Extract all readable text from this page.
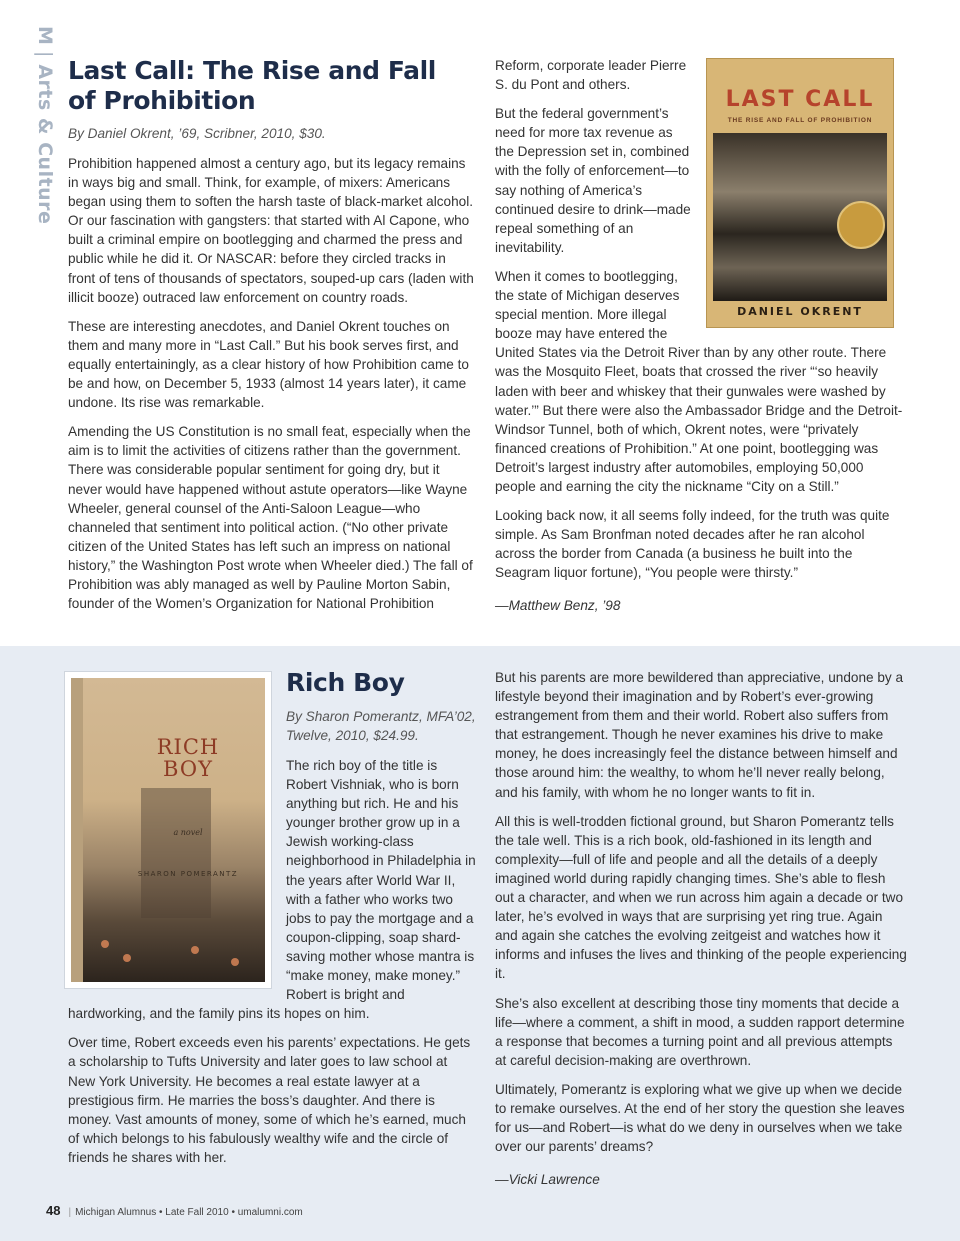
M|Arts & Culture Last Call: The Rise and Fall of Prohibition
By Daniel Okrent, ’69, Scribner, 2010, $30.

Prohibition happened almost a century ago, but its legacy remains in ways big and small. Think, for example, of mixers: Americans began using them to soften the harsh taste of black-market alcohol. Or our fascination with gangsters: that started with Al Capone, who built a criminal empire on bootlegging and charmed the press and public while he did it. Or NASCAR: before they circled tracks in front of tens of thousands of spectators, souped-up cars (laden with illicit booze) outraced law enforcement on country roads.

These are interesting anecdotes, and Daniel Okrent touches on them and many more in “Last Call.” But his book serves first, and equally entertainingly, as a clear history of how Prohibition came to be and how, on December 5, 1933 (almost 14 years later), it came undone. Its rise was remarkable.

Amending the US Constitution is no small feat, especially when the aim is to limit the activities of citizens rather than the government. There was considerable popular sentiment for going dry, but it never would have happened without astute operators—like Wayne Wheeler, general counsel of the Anti-Saloon League—who channeled that sentiment into political action. (“No other private citizen of the United States has left such an impress on national history,” the Washington Post wrote when Wheeler died.) The fall of Prohibition was ably managed as well by Pauline Morton Sabin, founder of the Women’s Organization for National Prohibition

Reform, corporate leader Pierre S. du Pont and others.

But the federal government’s need for more tax revenue as the Depression set in, combined with the folly of enforcement—to say nothing of America’s continued desire to drink—made repeal something of an inevitability.

When it comes to bootlegging, the state of Michigan deserves special mention. More illegal booze may have entered the United States via the Detroit River than by any other route. There was the Mosquito Fleet, boats that crossed the river “‘so heavily laden with beer and whiskey that their gunwales were washed by water.’” But there were also the Ambassador Bridge and the Detroit-Windsor Tunnel, both of which, Okrent notes, were “privately financed creations of Prohibition.” At one point, bootlegging was Detroit’s largest industry after automobiles, employing 50,000 people and earning the city the nickname “City on a Still.”

Looking back now, it all seems folly indeed, for the truth was quite simple. As Sam Bronfman noted decades after he ran alcohol across the border from Canada (a business he built into the Seagram liquor fortune), “You people were thirsty.”

—Matthew Benz, ’98

LAST CALL
THE RISE AND FALL OF PROHIBITION
DANIEL OKRENT
RICH
BOY
a novel
SHARON POMERANTZ
Rich Boy
By Sharon Pomerantz, MFA’02, Twelve, 2010, $24.99.

The rich boy of the title is Robert Vishniak, who is born anything but rich. He and his younger brother grow up in a Jewish working-class neighborhood in Philadelphia in the years after World War II, with a father who works two jobs to pay the mortgage and a coupon-clipping, soap shard-saving mother whose mantra is “make money, make money.” Robert is bright and hardworking, and the family pins its hopes on him.

Over time, Robert exceeds even his parents’ expectations. He gets a scholarship to Tufts University and later goes to law school at New York University. He becomes a real estate lawyer at a prestigious firm. He marries the boss’s daughter. And there is money. Vast amounts of money, some of which he’s earned, much of which belongs to his fabulously wealthy wife and the circle of friends he shares with her.

But his parents are more bewildered than appreciative, undone by a lifestyle beyond their imagination and by Robert’s ever-growing estrangement from them and their world. Robert also suffers from that estrangement. Though he never examines his drive to make money, he does increasingly feel the distance between himself and those around him: the wealthy, to whom he’ll never really belong, and his family, with whom he no longer wants to fit in.

All this is well-trodden fictional ground, but Sharon Pomerantz tells the tale well. This is a rich book, old-fashioned in its length and complexity—full of life and people and all the details of a deeply imagined world during rapidly changing times. She’s able to flesh out a character, and when we run across him again a decade or two later, he’s evolved in ways that are surprising yet ring true. Again and again she catches the evolving zeitgeist and watches how it informs and infuses the lives and thinking of the people experiencing it.

She’s also excellent at describing those tiny moments that decide a life—where a comment, a shift in mood, a sudden rapport determine a response that becomes a turning point and all previous attempts at careful decision-making are overthrown.

Ultimately, Pomerantz is exploring what we give up when we decide to remake ourselves. At the end of her story the question she leaves for us—and Robert—is what do we deny in ourselves when we take over our parents’ dreams?

—Vicki Lawrence

48 | Michigan Alumnus • Late Fall 2010 • umalumni.com
